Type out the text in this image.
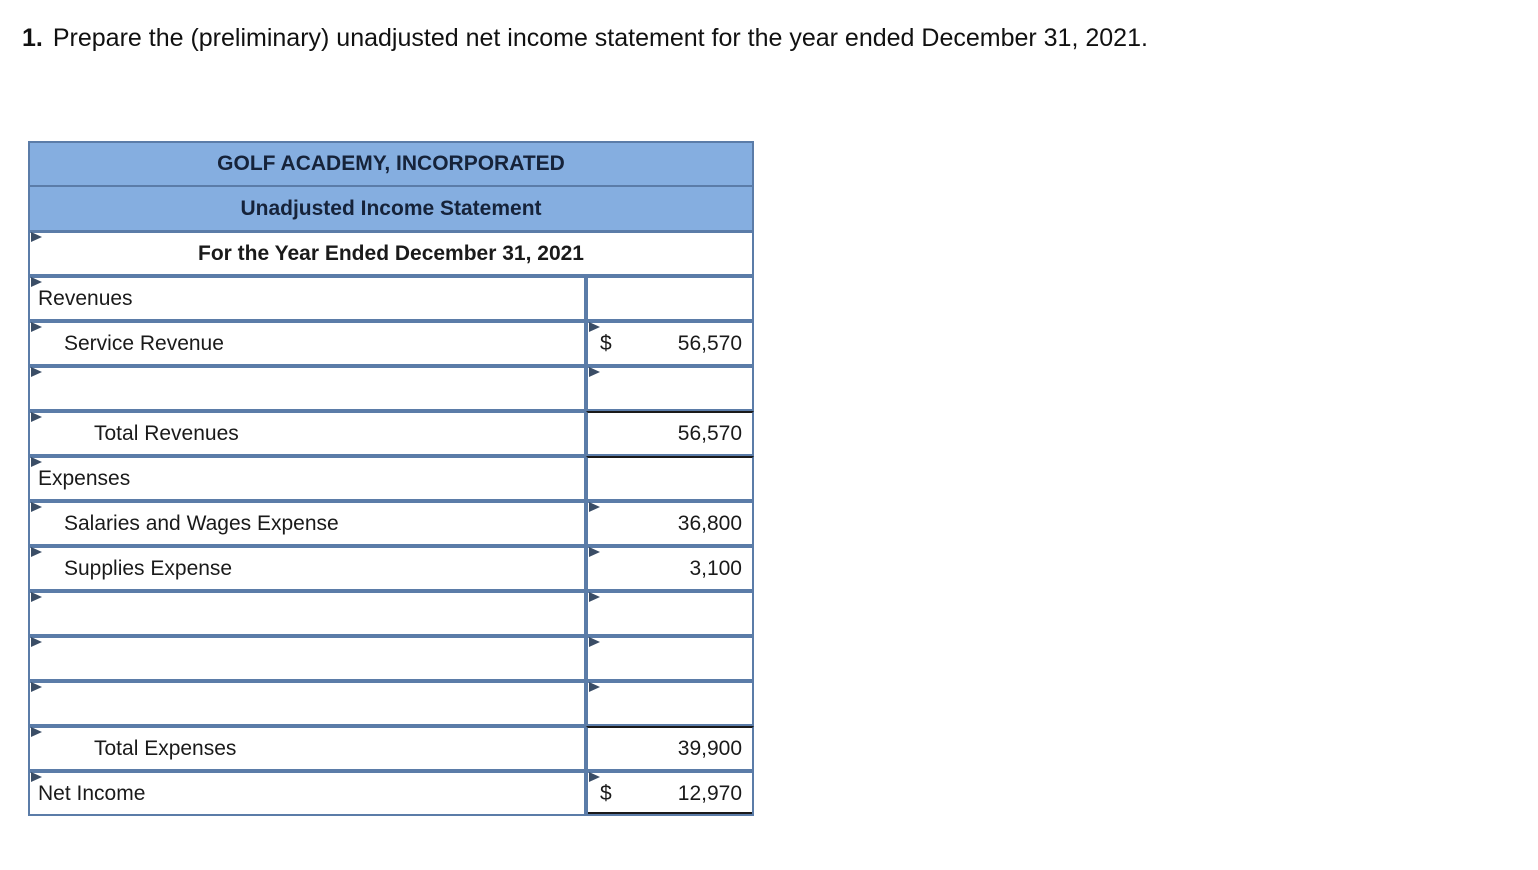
1. Prepare the (preliminary) unadjusted net income statement for the year ended December 31, 2021.
GOLF ACADEMY, INCORPORATED	
Unadjusted Income Statement	

For the Year Ended December 31, 2021	

Revenues	

Service Revenue	$ 56,570

Total Revenues	56,570

Expenses	

Salaries and Wages Expense	36,800

Supplies Expense	3,100

Total Expenses	39,900

Net Income	$ 12,970
